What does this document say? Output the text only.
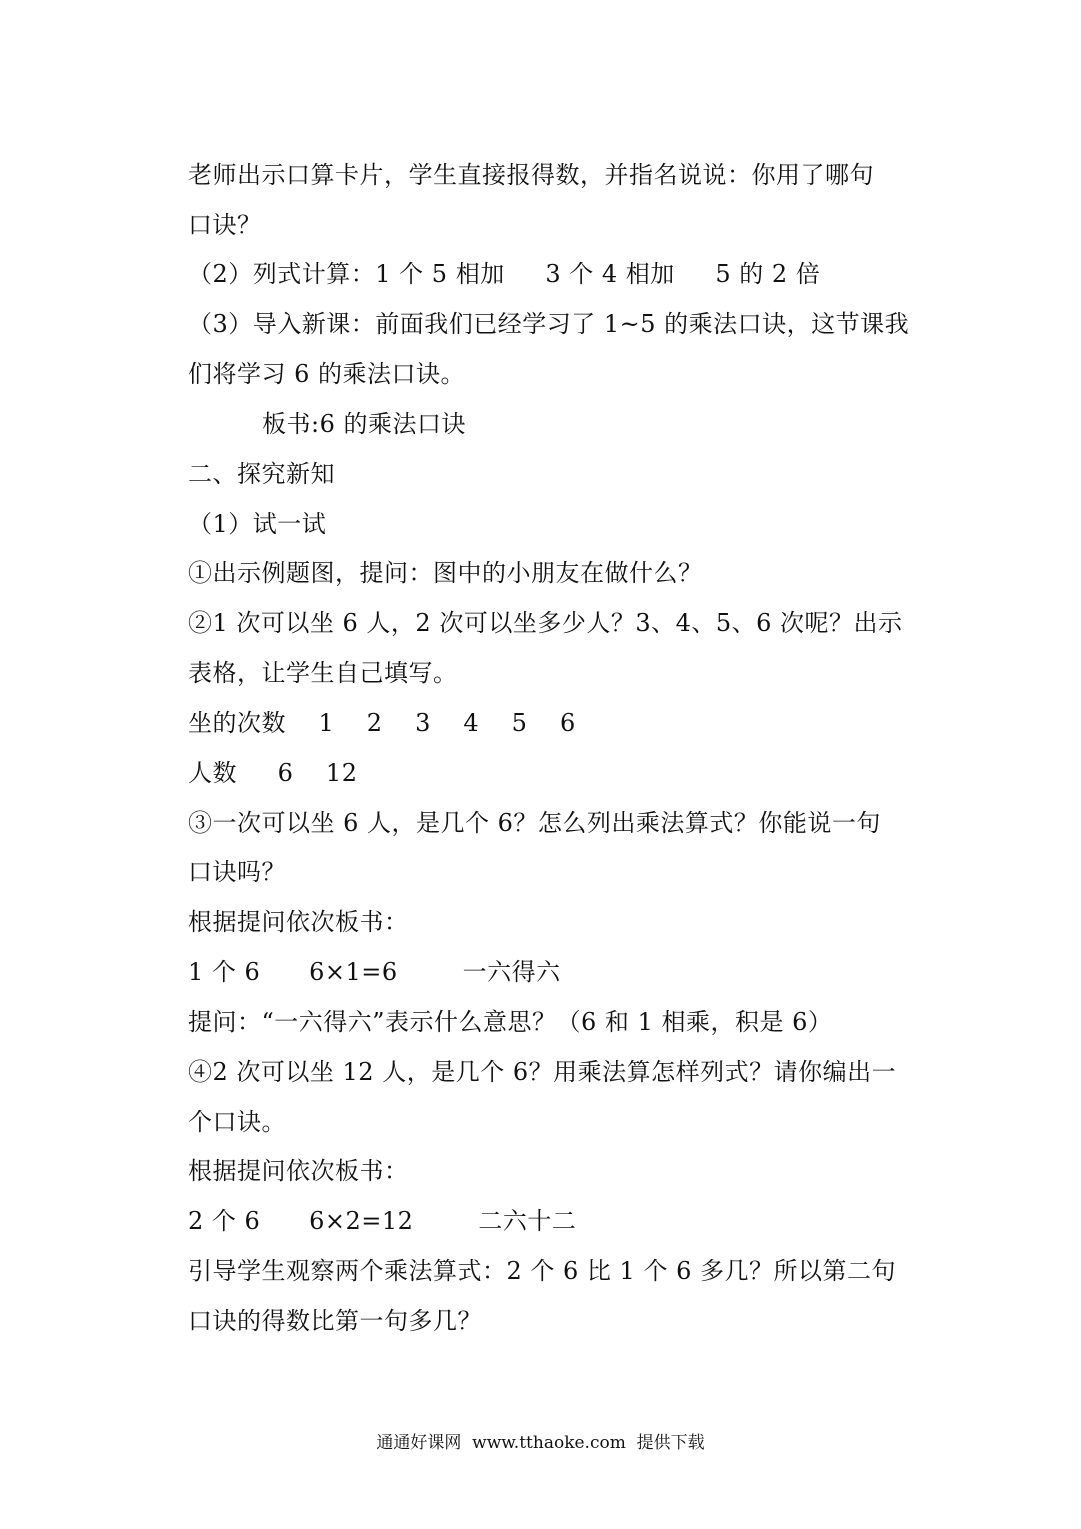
老师出示口算卡片，学生直接报得数，并指名说说：你用了哪句
口诀？
（2）列式计算：1 个 5 相加     3 个 4 相加     5 的 2 倍
（3）导入新课：前面我们已经学习了 1~5 的乘法口诀，这节课我
们将学习 6 的乘法口诀。
板书:6 的乘法口诀
二、探究新知
（1）试一试
①出示例题图，提问：图中的小朋友在做什么？
②1 次可以坐 6 人，2 次可以坐多少人？3、4、5、6 次呢？出示
表格，让学生自己填写。
坐的次数    1    2    3    4    5    6
人数     6    12
③一次可以坐 6 人，是几个 6？怎么列出乘法算式？你能说一句
口诀吗？
根据提问依次板书：
1 个 6      6×1=6        一六得六
提问：“一六得六”表示什么意思？（6 和 1 相乘，积是 6）
④2 次可以坐 12 人，是几个 6？用乘法算怎样列式？请你编出一
个口诀。
根据提问依次板书：
2 个 6      6×2=12        二六十二
引导学生观察两个乘法算式：2 个 6 比 1 个 6 多几？所以第二句
口诀的得数比第一句多几？
通通好课网  www.tthaoke.com  提供下载
